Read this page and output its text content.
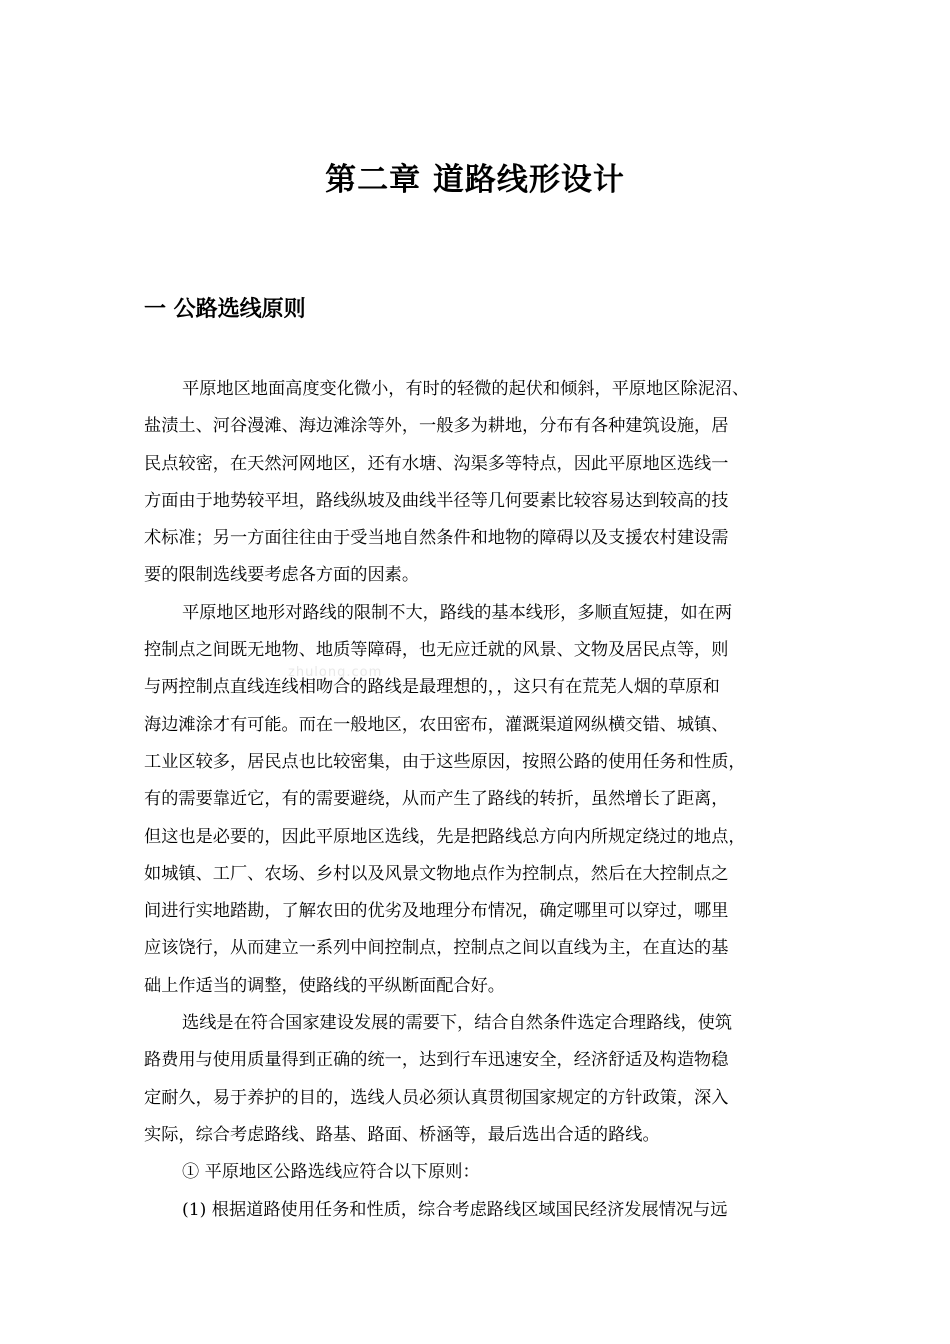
第二章 道路线形设计
一 公路选线原则
zhulong.com
平原地区地面高度变化微小，有时的轻微的起伏和倾斜，平原地区除泥沼、
盐渍土、河谷漫滩、海边滩涂等外，一般多为耕地，分布有各种建筑设施，居
民点较密，在天然河网地区，还有水塘、沟渠多等特点，因此平原地区选线一
方面由于地势较平坦，路线纵坡及曲线半径等几何要素比较容易达到较高的技
术标准；另一方面往往由于受当地自然条件和地物的障碍以及支援农村建设需
要的限制选线要考虑各方面的因素。
平原地区地形对路线的限制不大，路线的基本线形，多顺直短捷，如在两
控制点之间既无地物、地质等障碍，也无应迁就的风景、文物及居民点等，则
与两控制点直线连线相吻合的路线是最理想的，，这只有在荒芜人烟的草原和
海边滩涂才有可能。而在一般地区，农田密布，灌溉渠道网纵横交错、城镇、
工业区较多，居民点也比较密集，由于这些原因，按照公路的使用任务和性质，
有的需要靠近它，有的需要避绕，从而产生了路线的转折，虽然增长了距离，
但这也是必要的，因此平原地区选线，先是把路线总方向内所规定绕过的地点，
如城镇、工厂、农场、乡村以及风景文物地点作为控制点，然后在大控制点之
间进行实地踏勘，了解农田的优劣及地理分布情况，确定哪里可以穿过，哪里
应该饶行，从而建立一系列中间控制点，控制点之间以直线为主，在直达的基
础上作适当的调整，使路线的平纵断面配合好。
选线是在符合国家建设发展的需要下，结合自然条件选定合理路线，使筑
路费用与使用质量得到正确的统一，达到行车迅速安全，经济舒适及构造物稳
定耐久，易于养护的目的，选线人员必须认真贯彻国家规定的方针政策，深入
实际，综合考虑路线、路基、路面、桥涵等，最后选出合适的路线。
① 平原地区公路选线应符合以下原则：
(1) 根据道路使用任务和性质，综合考虑路线区域国民经济发展情况与远
